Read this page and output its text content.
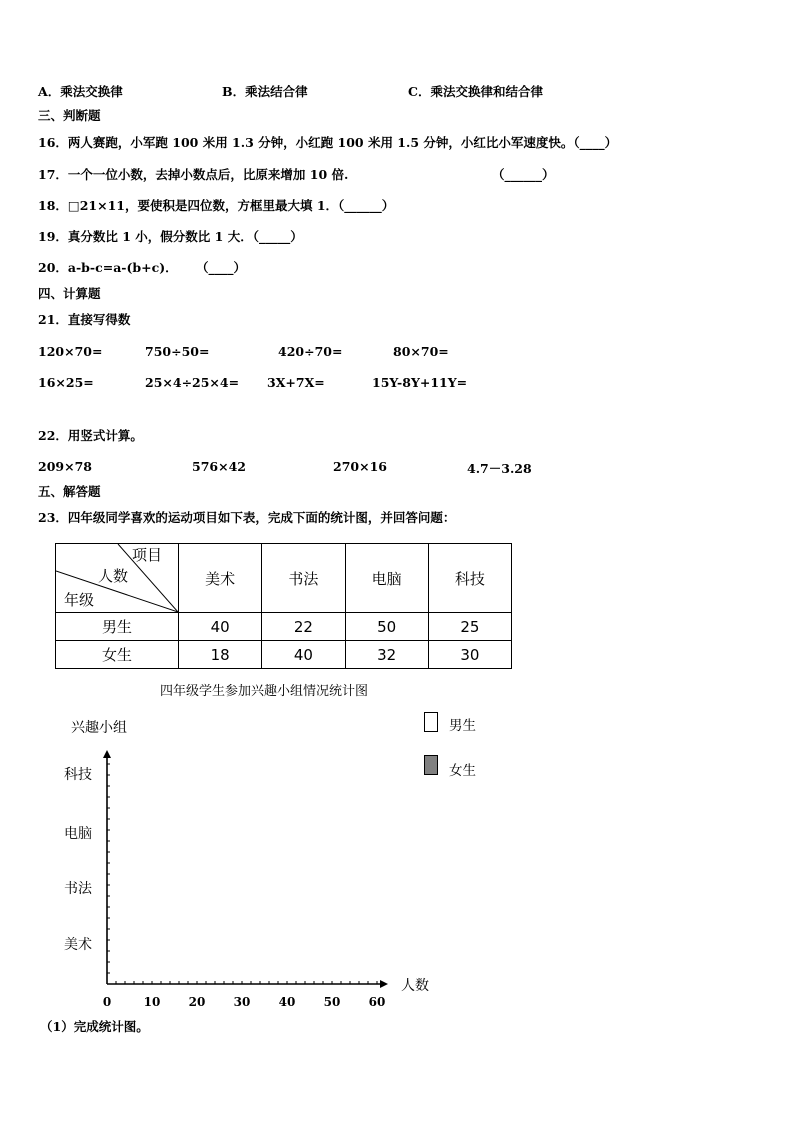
A．乘法交换律	B．乘法结合律	C．乘法交换律和结合律
三、判断题
16．两人赛跑，小军跑 100 米用 1.3 分钟，小红跑 100 米用 1.5 分钟，小红比小军速度快。（____）
17．一个一位小数，去掉小数点后，比原来增加 10 倍.	（______）
18．□21×11，要使积是四位数，方框里最大填 1．（______）
19．真分数比 1 小，假分数比 1 大．（_____）
20．a-b-c=a-(b+c)． （____）
四、计算题
21．直接写得数
120×70=	750÷50=	420÷70=	80×70=
16×25=	25×4÷25×4= 3X+7X=	15Y-8Y+11Y=
22．用竖式计算。
209×78	576×42	270×16	4.7－3.28
五、解答题
23．四年级同学喜欢的运动项目如下表，完成下面的统计图，并回答问题：
项目
人数
年级	美术	书法	电脑	科技
男生	40	22	50	25
女生	18	40	32	30
四年级学生参加兴趣小组情况统计图
男生
女生
兴趣小组
人数
0	10 20 30 40 50 60
美术
书法
电脑
科技
（1）完成统计图。
